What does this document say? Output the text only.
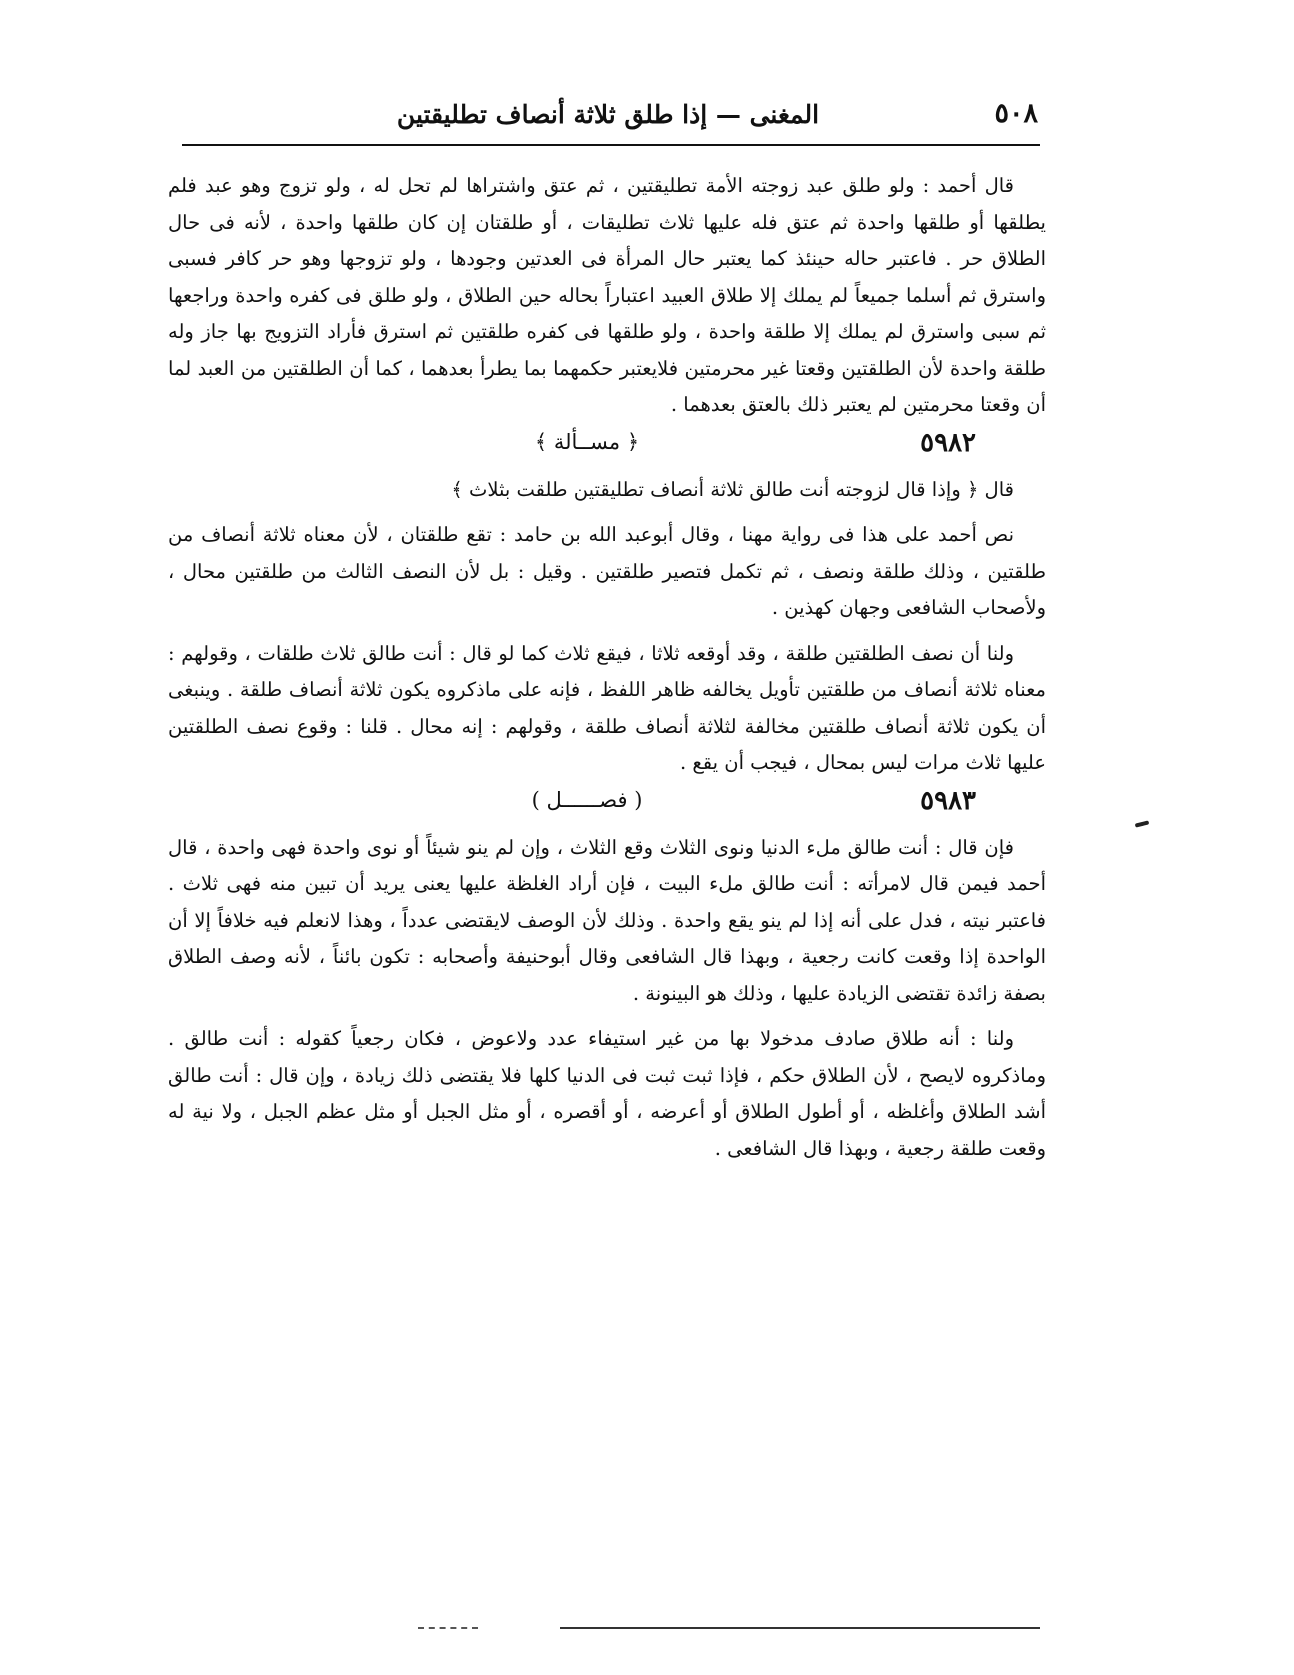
٥٠٨
المغنى — إذا طلق ثلاثة أنصاف تطليقتين

قال أحمد : ولو طلق عبد زوجته الأمة تطليقتين ، ثم عتق واشتراها لم تحل له ، ولو تزوج وهو عبد فلم يطلقها أو طلقها واحدة ثم عتق فله عليها ثلاث تطليقات ، أو طلقتان إن كان طلقها واحدة ، لأنه فى حال الطلاق حر . فاعتبر حاله حينئذ كما يعتبر حال المرأة فى العدتين وجودها ، ولو تزوجها وهو حر كافر فسبى واسترق ثم أسلما جميعاً لم يملك إلا طلاق العبيد اعتباراً بحاله حين الطلاق ، ولو طلق فى كفره واحدة وراجعها ثم سبى واسترق لم يملك إلا طلقة واحدة ، ولو طلقها فى كفره طلقتين ثم استرق فأراد التزويج بها جاز وله طلقة واحدة لأن الطلقتين وقعتا غير محرمتين فلايعتبر حكمهما بما يطرأ بعدهما ، كما أن الطلقتين من العبد لما أن وقعتا محرمتين لم يعتبر ذلك بالعتق بعدهما .

٥٩٨٢
﴿ مســألة ﴾

قال ﴿ وإذا قال لزوجته أنت طالق ثلاثة أنصاف تطليقتين طلقت بثلاث ﴾

نص أحمد على هذا فى رواية مهنا ، وقال أبوعبد الله بن حامد : تقع طلقتان ، لأن معناه ثلاثة أنصاف من طلقتين ، وذلك طلقة ونصف ، ثم تكمل فتصير طلقتين . وقيل : بل لأن النصف الثالث من طلقتين محال ، ولأصحاب الشافعى وجهان كهذين .

ولنا أن نصف الطلقتين طلقة ، وقد أوقعه ثلاثا ، فيقع ثلاث كما لو قال : أنت طالق ثلاث طلقات ، وقولهم : معناه ثلاثة أنصاف من طلقتين تأويل يخالفه ظاهر اللفظ ، فإنه على ماذكروه يكون ثلاثة أنصاف طلقة . وينبغى أن يكون ثلاثة أنصاف طلقتين مخالفة لثلاثة أنصاف طلقة ، وقولهم : إنه محال . قلنا : وقوع نصف الطلقتين عليها ثلاث مرات ليس بمحال ، فيجب أن يقع .

٥٩٨٣
( فصــــــل )

فإن قال : أنت طالق ملء الدنيا ونوى الثلاث وقع الثلاث ، وإن لم ينو شيئاً أو نوى واحدة فهى واحدة ، قال أحمد فيمن قال لامرأته : أنت طالق ملء البيت ، فإن أراد الغلظة عليها يعنى يريد أن تبين منه فهى ثلاث . فاعتبر نيته ، فدل على أنه إذا لم ينو يقع واحدة . وذلك لأن الوصف لايقتضى عدداً ، وهذا لانعلم فيه خلافاً إلا أن الواحدة إذا وقعت كانت رجعية ، وبهذا قال الشافعى وقال أبوحنيفة وأصحابه : تكون بائناً ، لأنه وصف الطلاق بصفة زائدة تقتضى الزيادة عليها ، وذلك هو البينونة .

ولنا : أنه طلاق صادف مدخولا بها من غير استيفاء عدد ولاعوض ، فكان رجعياً كقوله : أنت طالق . وماذكروه لايصح ، لأن الطلاق حكم ، فإذا ثبت ثبت فى الدنيا كلها فلا يقتضى ذلك زيادة ، وإن قال : أنت طالق أشد الطلاق وأغلظه ، أو أطول الطلاق أو أعرضه ، أو أقصره ، أو مثل الجبل أو مثل عظم الجبل ، ولا نية له وقعت طلقة رجعية ، وبهذا قال الشافعى .
